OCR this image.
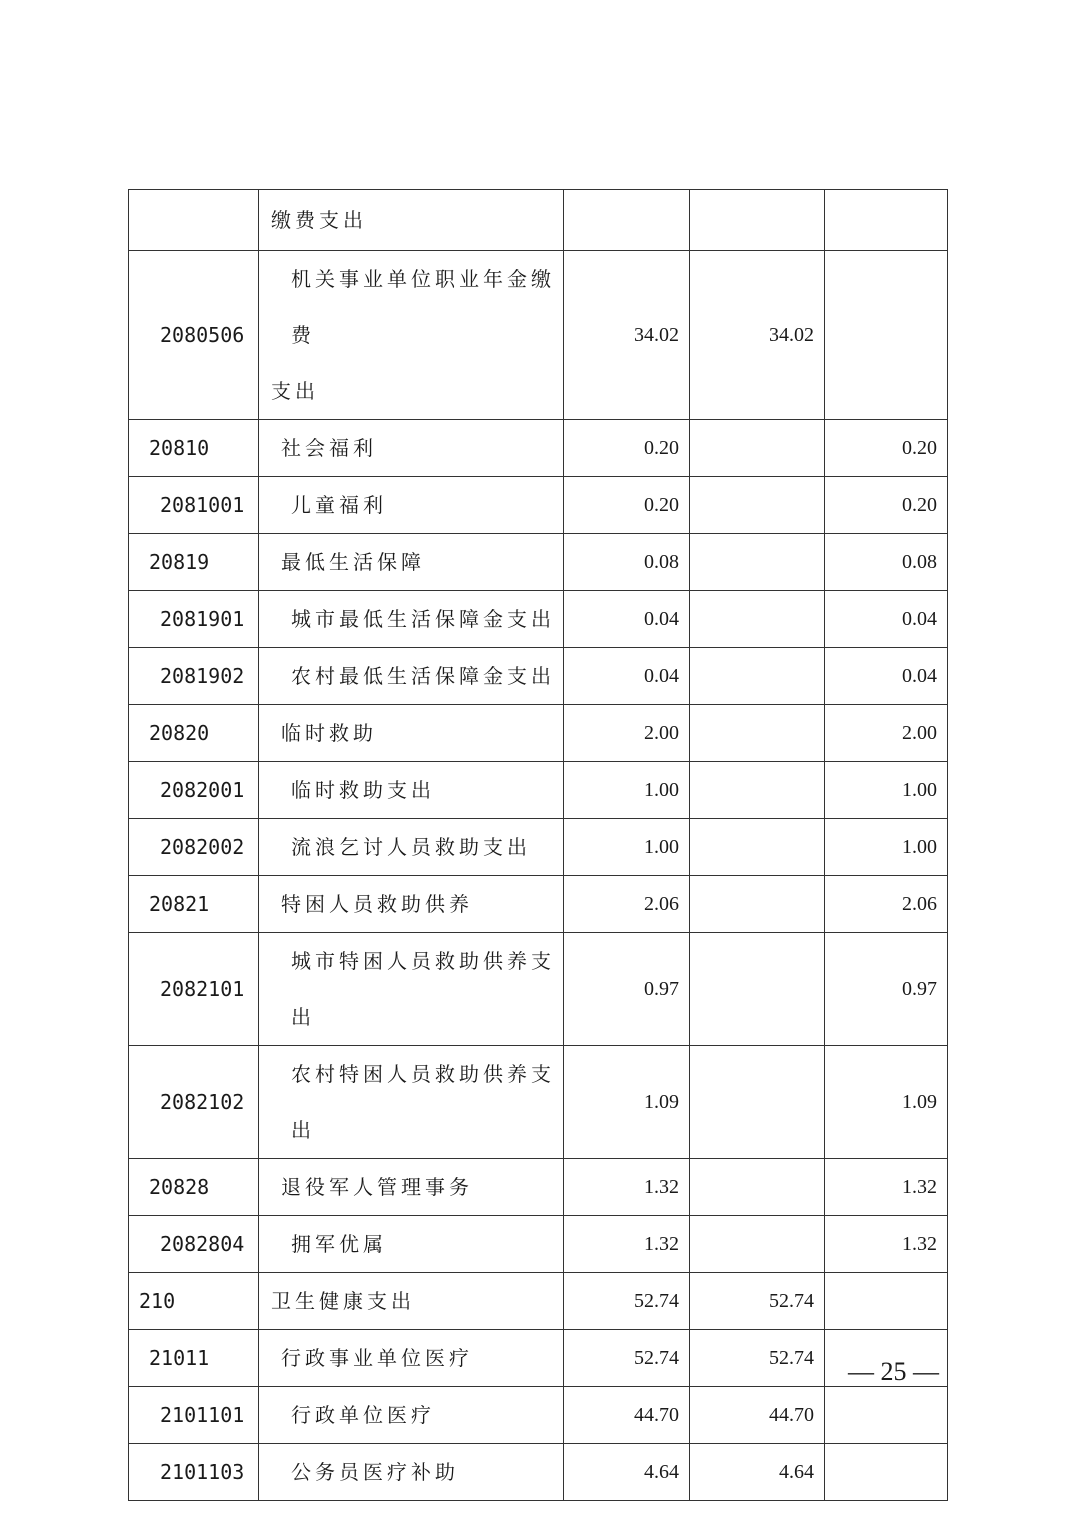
	缴费支出			
2080506	机关事业单位职业年金缴费
支出	34.02	34.02	
20810	社会福利	0.20		0.20
2081001	儿童福利	0.20		0.20
20819	最低生活保障	0.08		0.08
2081901	城市最低生活保障金支出	0.04		0.04
2081902	农村最低生活保障金支出	0.04		0.04
20820	临时救助	2.00		2.00
2082001	临时救助支出	1.00		1.00
2082002	流浪乞讨人员救助支出	1.00		1.00
20821	特困人员救助供养	2.06		2.06
2082101	城市特困人员救助供养支出	0.97		0.97
2082102	农村特困人员救助供养支出	1.09		1.09
20828	退役军人管理事务	1.32		1.32
2082804	拥军优属	1.32		1.32
210	卫生健康支出	52.74	52.74	
21011	行政事业单位医疗	52.74	52.74	
2101101	行政单位医疗	44.70	44.70	
2101103	公务员医疗补助	4.64	4.64	
— 25 —
